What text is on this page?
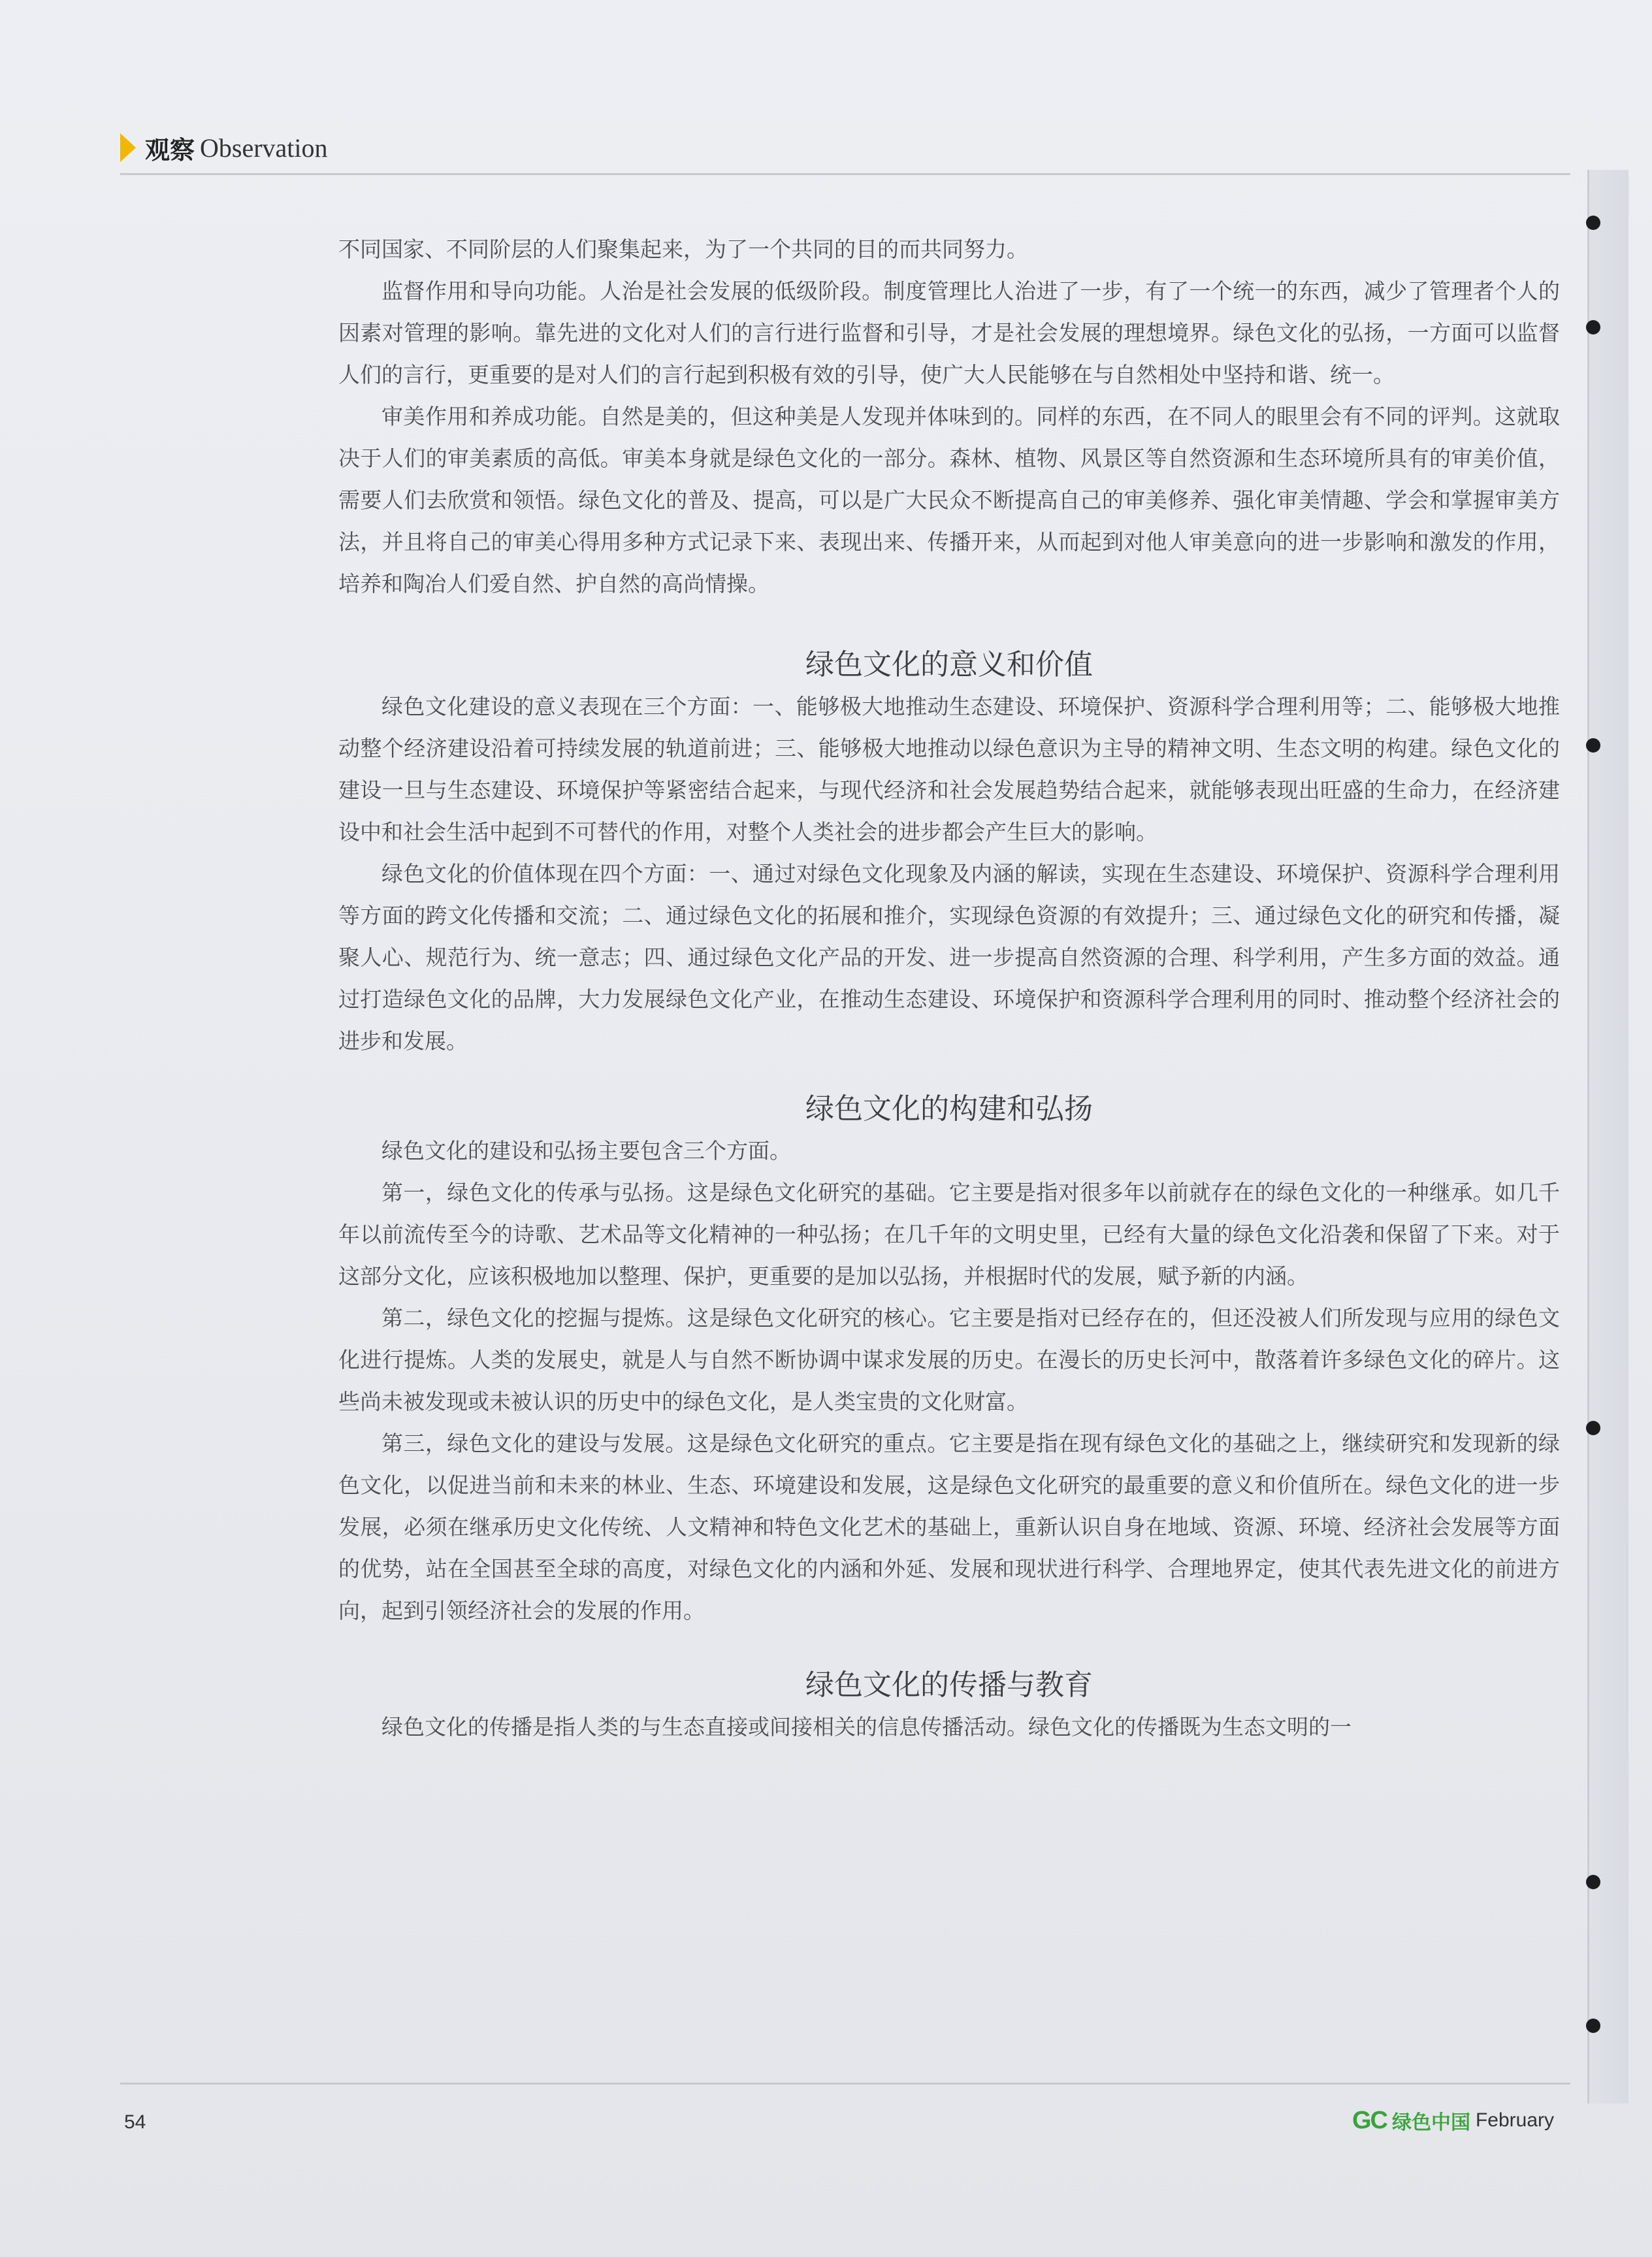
观察 Observation

不同国家、不同阶层的人们聚集起来，为了一个共同的目的而共同努力。

监督作用和导向功能。人治是社会发展的低级阶段。制度管理比人治进了一步，有了一个统一的东西，减少了管理者个人的因素对管理的影响。靠先进的文化对人们的言行进行监督和引导，才是社会发展的理想境界。绿色文化的弘扬，一方面可以监督人们的言行，更重要的是对人们的言行起到积极有效的引导，使广大人民能够在与自然相处中坚持和谐、统一。

审美作用和养成功能。自然是美的，但这种美是人发现并体味到的。同样的东西，在不同人的眼里会有不同的评判。这就取决于人们的审美素质的高低。审美本身就是绿色文化的一部分。森林、植物、风景区等自然资源和生态环境所具有的审美价值，需要人们去欣赏和领悟。绿色文化的普及、提高，可以是广大民众不断提高自己的审美修养、强化审美情趣、学会和掌握审美方法，并且将自己的审美心得用多种方式记录下来、表现出来、传播开来，从而起到对他人审美意向的进一步影响和激发的作用，培养和陶冶人们爱自然、护自然的高尚情操。

绿色文化的意义和价值

绿色文化建设的意义表现在三个方面：一、能够极大地推动生态建设、环境保护、资源科学合理利用等；二、能够极大地推动整个经济建设沿着可持续发展的轨道前进；三、能够极大地推动以绿色意识为主导的精神文明、生态文明的构建。绿色文化的建设一旦与生态建设、环境保护等紧密结合起来，与现代经济和社会发展趋势结合起来，就能够表现出旺盛的生命力，在经济建设中和社会生活中起到不可替代的作用，对整个人类社会的进步都会产生巨大的影响。

绿色文化的价值体现在四个方面：一、通过对绿色文化现象及内涵的解读，实现在生态建设、环境保护、资源科学合理利用等方面的跨文化传播和交流；二、通过绿色文化的拓展和推介，实现绿色资源的有效提升；三、通过绿色文化的研究和传播，凝聚人心、规范行为、统一意志；四、通过绿色文化产品的开发、进一步提高自然资源的合理、科学利用，产生多方面的效益。通过打造绿色文化的品牌，大力发展绿色文化产业，在推动生态建设、环境保护和资源科学合理利用的同时、推动整个经济社会的进步和发展。

绿色文化的构建和弘扬

绿色文化的建设和弘扬主要包含三个方面。

第一，绿色文化的传承与弘扬。这是绿色文化研究的基础。它主要是指对很多年以前就存在的绿色文化的一种继承。如几千年以前流传至今的诗歌、艺术品等文化精神的一种弘扬；在几千年的文明史里，已经有大量的绿色文化沿袭和保留了下来。对于这部分文化，应该积极地加以整理、保护，更重要的是加以弘扬，并根据时代的发展，赋予新的内涵。

第二，绿色文化的挖掘与提炼。这是绿色文化研究的核心。它主要是指对已经存在的，但还没被人们所发现与应用的绿色文化进行提炼。人类的发展史，就是人与自然不断协调中谋求发展的历史。在漫长的历史长河中，散落着许多绿色文化的碎片。这些尚未被发现或未被认识的历史中的绿色文化，是人类宝贵的文化财富。

第三，绿色文化的建设与发展。这是绿色文化研究的重点。它主要是指在现有绿色文化的基础之上，继续研究和发现新的绿色文化，以促进当前和未来的林业、生态、环境建设和发展，这是绿色文化研究的最重要的意义和价值所在。绿色文化的进一步发展，必须在继承历史文化传统、人文精神和特色文化艺术的基础上，重新认识自身在地域、资源、环境、经济社会发展等方面的优势，站在全国甚至全球的高度，对绿色文化的内涵和外延、发展和现状进行科学、合理地界定，使其代表先进文化的前进方向，起到引领经济社会的发展的作用。

绿色文化的传播与教育

绿色文化的传播是指人类的与生态直接或间接相关的信息传播活动。绿色文化的传播既为生态文明的一

54	GC 绿色中国 February
